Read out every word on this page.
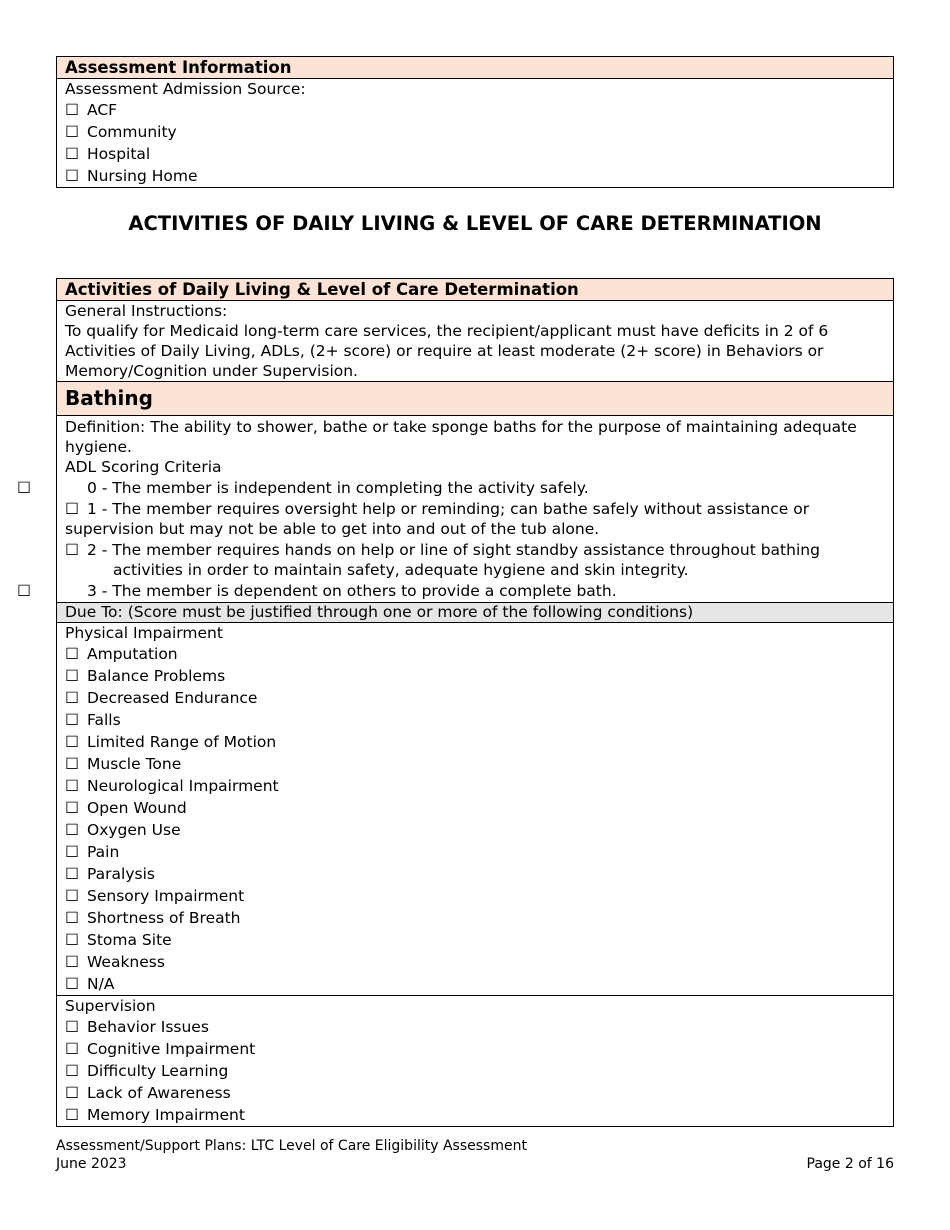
Assessment Information
Assessment Admission Source:
☐ ACF
☐ Community
☐ Hospital
☐ Nursing Home
ACTIVITIES OF DAILY LIVING & LEVEL OF CARE DETERMINATION
Activities of Daily Living & Level of Care Determination
General Instructions:
To qualify for Medicaid long-term care services, the recipient/applicant must have deficits in 2 of 6 Activities of Daily Living, ADLs, (2+ score) or require at least moderate (2+ score) in Behaviors or Memory/Cognition under Supervision.
Bathing
Definition: The ability to shower, bathe or take sponge baths for the purpose of maintaining adequate hygiene.
ADL Scoring Criteria
☐	0 - The member is independent in completing the activity safely.
☐ 1 - The member requires oversight help or reminding; can bathe safely without assistance or supervision but may not be able to get into and out of the tub alone.
☐ 2 - The member requires hands on help or line of sight standby assistance throughout bathing activities in order to maintain safety, adequate hygiene and skin integrity.
☐	3 - The member is dependent on others to provide a complete bath.
Due To: (Score must be justified through one or more of the following conditions)
Physical Impairment
☐ Amputation
☐ Balance Problems
☐ Decreased Endurance
☐ Falls
☐ Limited Range of Motion
☐ Muscle Tone
☐ Neurological Impairment
☐ Open Wound
☐ Oxygen Use
☐ Pain
☐ Paralysis
☐ Sensory Impairment
☐ Shortness of Breath
☐ Stoma Site
☐ Weakness
☐ N/A
Supervision
☐ Behavior Issues
☐ Cognitive Impairment
☐ Difficulty Learning
☐ Lack of Awareness
☐ Memory Impairment
Assessment/Support Plans: LTC Level of Care Eligibility Assessment
June 2023	Page 2 of 16
